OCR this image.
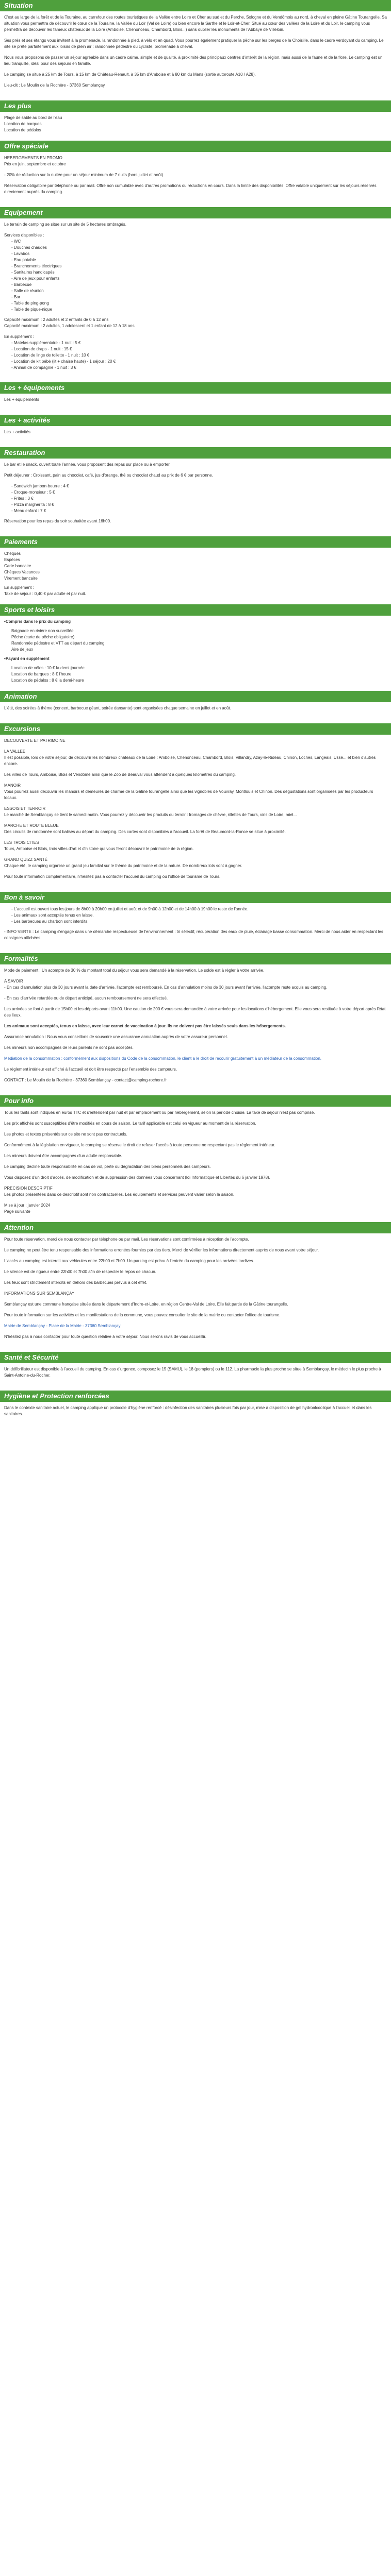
Situation

C'est au large de la forêt et de la Touraine, au carrefour des routes touristiques de la Vallée entre Loire et Cher au sud et du Perche, Sologne et du Vendômois au nord, à cheval en pleine Gâtine Tourangelle. Sa situation vous permettra de découvrir le cœur de la Touraine, la Vallée du Loir (Val de Loire) ou bien encore la Sarthe et le Loir-et-Cher. Situé au cœur des vallées de la Loire et du Loir, le camping vous permettra de découvrir les fameux châteaux de la Loire (Amboise, Chenonceau, Chambord, Blois...) sans oublier les monuments de l'Abbaye de Villeloin.

Ses prés et ses étangs vous invitent à la promenade, la randonnée à pied, à vélo et en quad. Vous pourrez également pratiquer la pêche sur les berges de la Choisille, dans le cadre verdoyant du camping. Le site se prête parfaitement aux loisirs de plein air : randonnée pédestre ou cycliste, promenade à cheval.

Nous vous proposons de passer un séjour agréable dans un cadre calme, simple et de qualité, à proximité des principaux centres d'intérêt de la région, mais aussi de la faune et de la flore. Le camping est un lieu tranquille, idéal pour des séjours en famille.

Le camping se situe à 25 km de Tours, à 15 km de Château-Renault, à 35 km d'Amboise et à 80 km du Mans (sortie autoroute A10 / A28).

Lieu-dit : Le Moulin de la Rochère - 37360 Semblançay

Les plus
Plage de sable au bord de l'eau
Location de barques
Location de pédalos
Offre spéciale
HEBERGEMENTS EN PROMO

Prix en juin, septembre et octobre

- 20% de réduction sur la nuitée pour un séjour minimum de 7 nuits (hors juillet et août)

Réservation obligatoire par téléphone ou par mail. Offre non cumulable avec d'autres promotions ou réductions en cours. Dans la limite des disponibilités. Offre valable uniquement sur les séjours réservés directement auprès du camping.

Equipement

Le terrain de camping se situe sur un site de 5 hectares ombragés.

Services disponibles :
- WC
- Douches chaudes
- Lavabos
- Eau potable
- Branchements électriques
- Sanitaires handicapés
- Aire de jeux pour enfants
- Barbecue
- Salle de réunion
- Bar
- Table de ping-pong
- Table de pique-nique
Capacité maximum : 2 adultes et 2 enfants de 0 à 12 ans

Capacité maximum : 2 adultes, 1 adolescent et 1 enfant de 12 à 18 ans

En supplément :
- Matelas supplémentaire - 1 nuit : 5 €
- Location de draps - 1 nuit : 15 €
- Location de linge de toilette - 1 nuit : 10 €
- Location de kit bébé (lit + chaise haute) - 1 séjour : 20 €
- Animal de compagnie - 1 nuit : 3 €
Les + équipements

Les + équipements

Les + activités

Les + activités

Restauration

Le bar et le snack, ouvert toute l'année, vous proposent des repas sur place ou à emporter.

Petit déjeuner : Croissant, pain au chocolat, café, jus d'orange, thé ou chocolat chaud au prix de 6 € par personne.

- Sandwich jambon-beurre : 4 €
- Croque-monsieur : 5 €
- Frites : 3 €
- Pizza margherita : 8 €
- Menu enfant : 7 €

Réservation pour les repas du soir souhaitée avant 16h00.

Paiements
Chèques
Espèces
Carte bancaire
Chèques Vacances
Virement bancaire
En supplément :
Taxe de séjour : 0,40 € par adulte et par nuit.
Sports et loisirs
• Compris dans le prix du camping
Baignade en rivière non surveillée
Pêche (carte de pêche obligatoire)
Randonnée pédestre et VTT au départ du camping
Aire de jeux
• Payant en supplément
Location de vélos : 10 € la demi-journée
Location de barques : 8 € l'heure
Location de pédalos : 8 € la demi-heure
Animation

L'été, des soirées à thème (concert, barbecue géant, soirée dansante) sont organisées chaque semaine en juillet et en août.

Excursions

DECOUVERTE ET PATRIMOINE

LA VALLEE

Il est possible, lors de votre séjour, de découvrir les nombreux châteaux de la Loire : Amboise, Chenonceau, Chambord, Blois, Villandry, Azay-le-Rideau, Chinon, Loches, Langeais, Ussé... et bien d'autres encore.

Les villes de Tours, Amboise, Blois et Vendôme ainsi que le Zoo de Beauval vous attendent à quelques kilomètres du camping.

MANOIR

Vous pourrez aussi découvrir les manoirs et demeures de charme de la Gâtine tourangelle ainsi que les vignobles de Vouvray, Montlouis et Chinon. Des dégustations sont organisées par les producteurs locaux.

ESSOIS ET TERROIR

Le marché de Semblançay se tient le samedi matin. Vous pourrez y découvrir les produits du terroir : fromages de chèvre, rillettes de Tours, vins de Loire, miel...

MARCHE ET ROUTE BLEUE

Des circuits de randonnée sont balisés au départ du camping. Des cartes sont disponibles à l'accueil. La forêt de Beaumont-la-Ronce se situe à proximité.

LES TROIS CITES

Tours, Amboise et Blois, trois villes d'art et d'histoire qui vous feront découvrir le patrimoine de la région.

GRAND QUIZZ SANTÉ

Chaque été, le camping organise un grand jeu familial sur le thème du patrimoine et de la nature. De nombreux lots sont à gagner.

Pour toute information complémentaire, n'hésitez pas à contacter l'accueil du camping ou l'office de tourisme de Tours.

Bon à savoir
- L'accueil est ouvert tous les jours de 8h00 à 20h00 en juillet et août et de 9h00 à 12h00 et de 14h00 à 19h00 le reste de l'année.
- Les animaux sont acceptés tenus en laisse.
- Les barbecues au charbon sont interdits.

- INFO VERTE : Le camping s'engage dans une démarche respectueuse de l'environnement : tri sélectif, récupération des eaux de pluie, éclairage basse consommation. Merci de nous aider en respectant les consignes affichées.

Formalités

Mode de paiement : Un acompte de 30 % du montant total du séjour vous sera demandé à la réservation. Le solde est à régler à votre arrivée.

A SAVOIR

- En cas d'annulation plus de 30 jours avant la date d'arrivée, l'acompte est remboursé. En cas d'annulation moins de 30 jours avant l'arrivée, l'acompte reste acquis au camping.

- En cas d'arrivée retardée ou de départ anticipé, aucun remboursement ne sera effectué.

Les arrivées se font à partir de 15h00 et les départs avant 11h00. Une caution de 200 € vous sera demandée à votre arrivée pour les locations d'hébergement. Elle vous sera restituée à votre départ après l'état des lieux.

Les animaux sont acceptés, tenus en laisse, avec leur carnet de vaccination à jour. Ils ne doivent pas être laissés seuls dans les hébergements.

Assurance annulation : Nous vous conseillons de souscrire une assurance annulation auprès de votre assureur personnel.

Les mineurs non accompagnés de leurs parents ne sont pas acceptés.

Médiation de la consommation : conformément aux dispositions du Code de la consommation, le client a le droit de recourir gratuitement à un médiateur de la consommation.

Le règlement intérieur est affiché à l'accueil et doit être respecté par l'ensemble des campeurs.

CONTACT : Le Moulin de la Rochère - 37360 Semblançay - contact@camping-rochere.fr

Pour info

Tous les tarifs sont indiqués en euros TTC et s'entendent par nuit et par emplacement ou par hébergement, selon la période choisie. La taxe de séjour n'est pas comprise.

Les prix affichés sont susceptibles d'être modifiés en cours de saison. Le tarif applicable est celui en vigueur au moment de la réservation.

Les photos et textes présentés sur ce site ne sont pas contractuels.

Conformément à la législation en vigueur, le camping se réserve le droit de refuser l'accès à toute personne ne respectant pas le règlement intérieur.

Les mineurs doivent être accompagnés d'un adulte responsable.

Le camping décline toute responsabilité en cas de vol, perte ou dégradation des biens personnels des campeurs.

Vous disposez d'un droit d'accès, de modification et de suppression des données vous concernant (loi Informatique et Libertés du 6 janvier 1978).

PRECISION DESCRIPTIF

Les photos présentées dans ce descriptif sont non contractuelles. Les équipements et services peuvent varier selon la saison.

Mise à jour : janvier 2024
Page suivante
Attention

Pour toute réservation, merci de nous contacter par téléphone ou par mail. Les réservations sont confirmées à réception de l'acompte.

Le camping ne peut être tenu responsable des informations erronées fournies par des tiers. Merci de vérifier les informations directement auprès de nous avant votre séjour.

L'accès au camping est interdit aux véhicules entre 22h00 et 7h00. Un parking est prévu à l'entrée du camping pour les arrivées tardives.

Le silence est de rigueur entre 22h00 et 7h00 afin de respecter le repos de chacun.

Les feux sont strictement interdits en dehors des barbecues prévus à cet effet.

INFORMATIONS SUR SEMBLANÇAY

Semblançay est une commune française située dans le département d'Indre-et-Loire, en région Centre-Val de Loire. Elle fait partie de la Gâtine tourangelle.

Pour toute information sur les activités et les manifestations de la commune, vous pouvez consulter le site de la mairie ou contacter l'office de tourisme.

Mairie de Semblançay - Place de la Mairie - 37360 Semblançay

N'hésitez pas à nous contacter pour toute question relative à votre séjour. Nous serons ravis de vous accueillir.

Santé et Sécurité

Un défibrillateur est disponible à l'accueil du camping. En cas d'urgence, composez le 15 (SAMU), le 18 (pompiers) ou le 112. La pharmacie la plus proche se situe à Semblançay, le médecin le plus proche à Saint-Antoine-du-Rocher.

Hygiène et Protection renforcées

Dans le contexte sanitaire actuel, le camping applique un protocole d'hygiène renforcé : désinfection des sanitaires plusieurs fois par jour, mise à disposition de gel hydroalcoolique à l'accueil et dans les sanitaires.
